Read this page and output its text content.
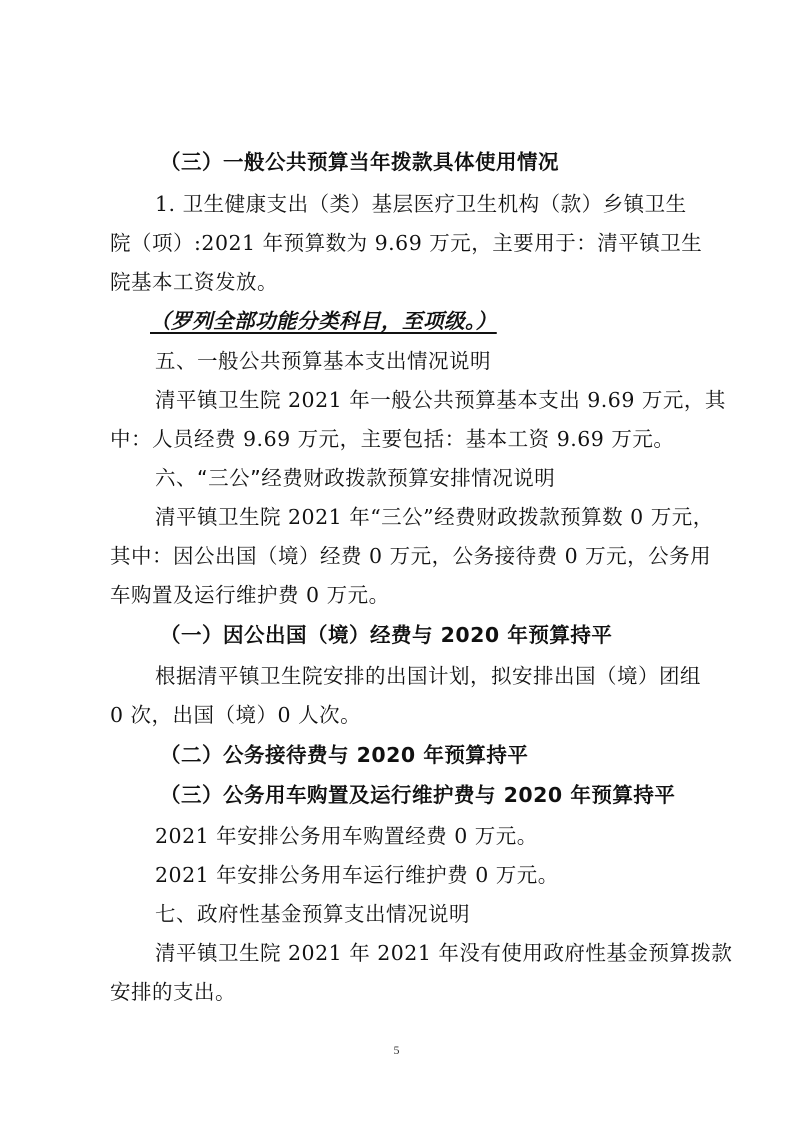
（三）一般公共预算当年拨款具体使用情况
1. 卫生健康支出（类）基层医疗卫生机构（款）乡镇卫生
院（项）:2021 年预算数为 9.69 万元，主要用于：清平镇卫生
院基本工资发放。
（罗列全部功能分类科目，至项级。）
五、一般公共预算基本支出情况说明
清平镇卫生院 2021 年一般公共预算基本支出 9.69 万元，其
中：人员经费 9.69 万元，主要包括：基本工资 9.69 万元。
六、“三公”经费财政拨款预算安排情况说明
清平镇卫生院 2021 年“三公”经费财政拨款预算数 0 万元，
其中：因公出国（境）经费 0 万元，公务接待费 0 万元，公务用
车购置及运行维护费 0 万元。
（一）因公出国（境）经费与 2020 年预算持平
根据清平镇卫生院安排的出国计划，拟安排出国（境）团组
0 次，出国（境）0 人次。
（二）公务接待费与 2020 年预算持平
（三）公务用车购置及运行维护费与 2020 年预算持平
2021 年安排公务用车购置经费 0 万元。
2021 年安排公务用车运行维护费 0 万元。
七、政府性基金预算支出情况说明
清平镇卫生院 2021 年 2021 年没有使用政府性基金预算拨款
安排的支出。
5
